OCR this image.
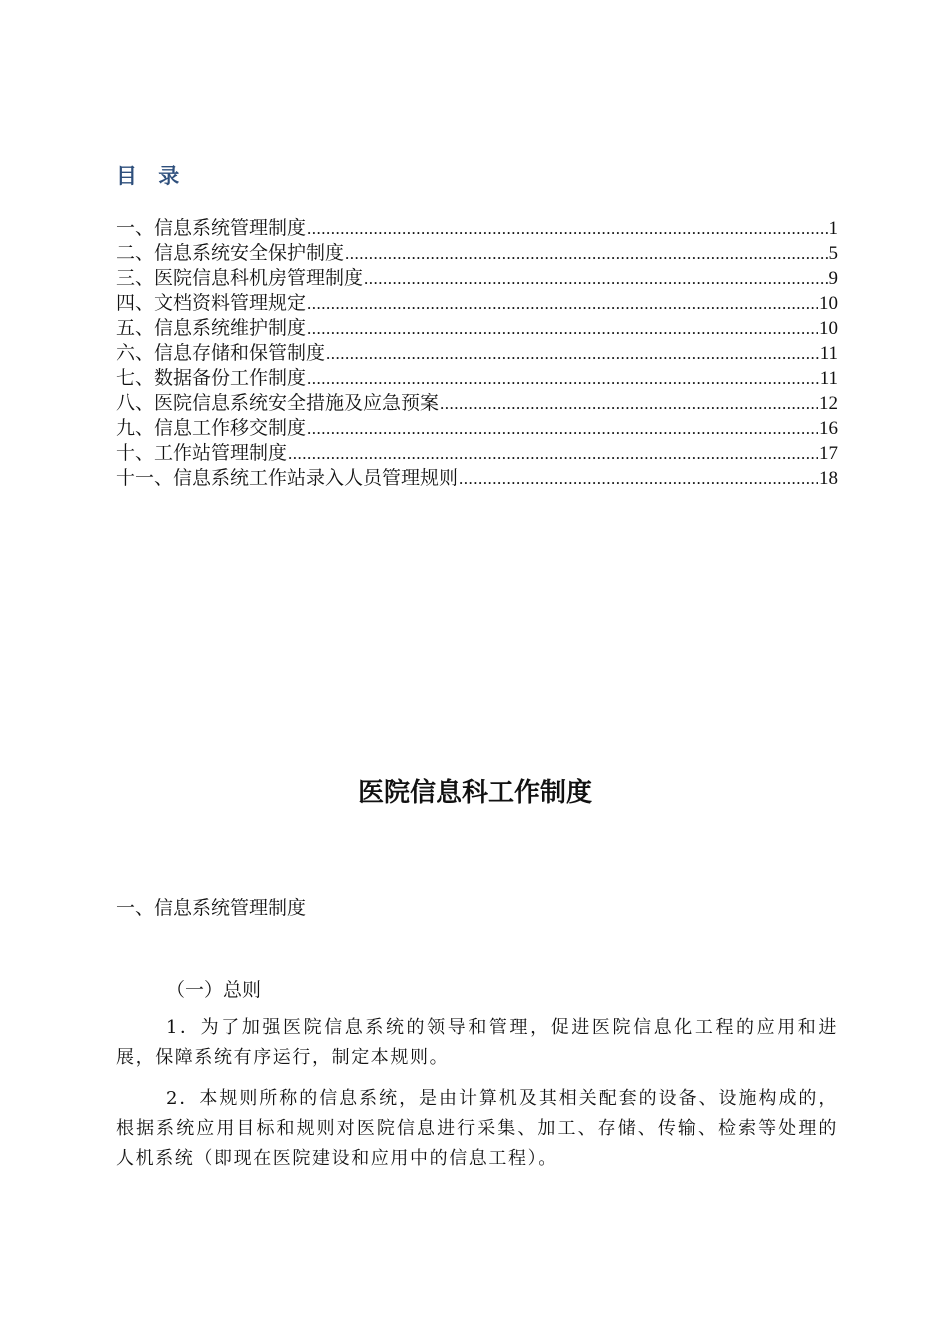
目 录
一、信息系统管理制度 .....	1
二、信息系统安全保护制度 .....	5
三、医院信息科机房管理制度 .....	9
四、文档资料管理规定 .....	10
五、信息系统维护制度 .....	10
六、信息存储和保管制度 .....	11
七、数据备份工作制度 .....	11
八、医院信息系统安全措施及应急预案 .....	12
九、信息工作移交制度 .....	16
十、工作站管理制度 .....	17
十一、信息系统工作站录入人员管理规则 .....	18
医院信息科工作制度
一、信息系统管理制度
（一）总则

1．为了加强医院信息系统的领导和管理，促进医院信息化工程的应用和进展，保障系统有序运行，制定本规则。

2．本规则所称的信息系统，是由计算机及其相关配套的设备、设施构成的，根据系统应用目标和规则对医院信息进行采集、加工、存储、传输、检索等处理的人机系统（即现在医院建设和应用中的信息工程）。
